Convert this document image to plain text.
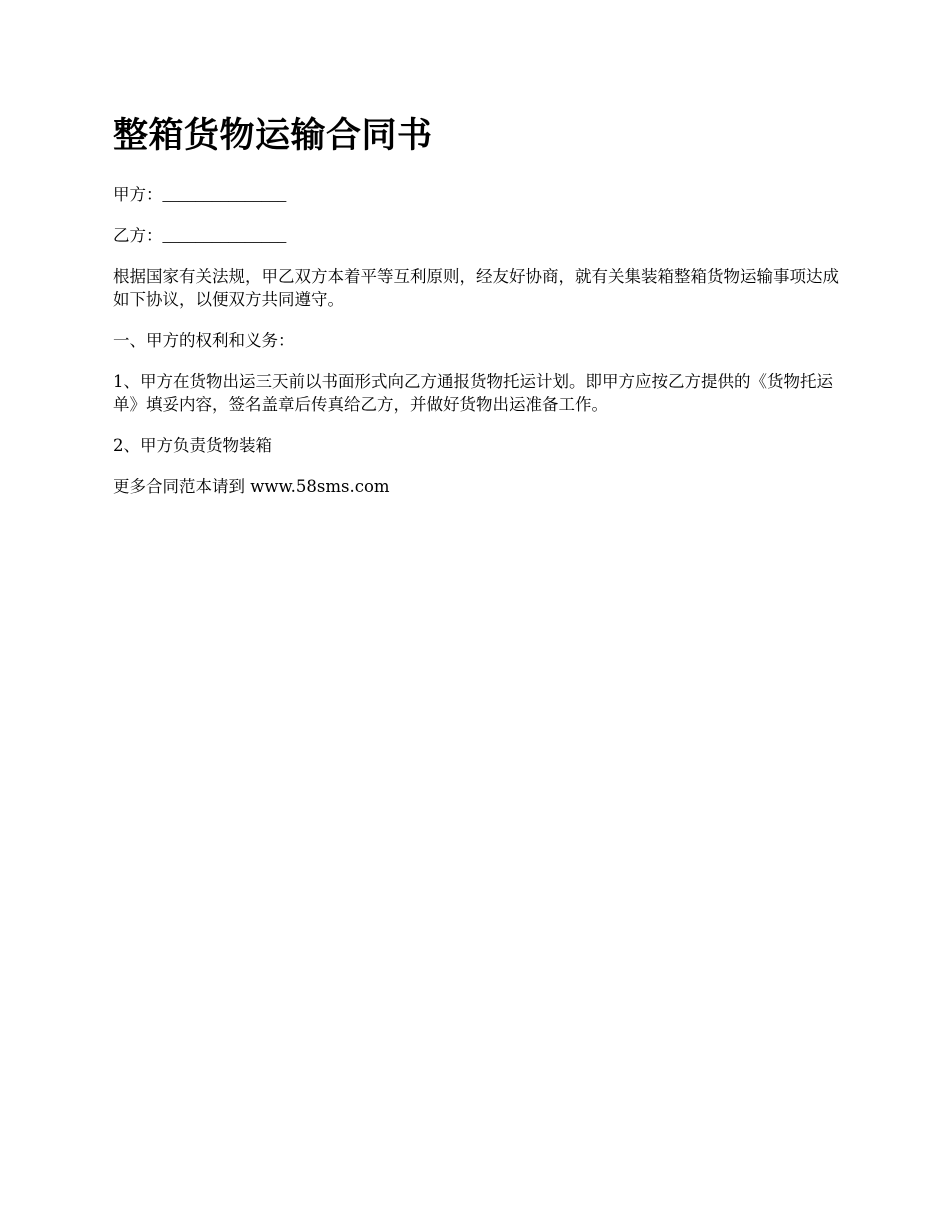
整箱货物运输合同书

甲方：_______________

乙方：_______________

根据国家有关法规，甲乙双方本着平等互利原则，经友好协商，就有关集装箱整箱货物运输事项达成如下协议，以便双方共同遵守。

一、甲方的权利和义务：

1、甲方在货物出运三天前以书面形式向乙方通报货物托运计划。即甲方应按乙方提供的《货物托运单》填妥内容，签名盖章后传真给乙方，并做好货物出运准备工作。

2、甲方负责货物装箱

更多合同范本请到 www.58sms.com
